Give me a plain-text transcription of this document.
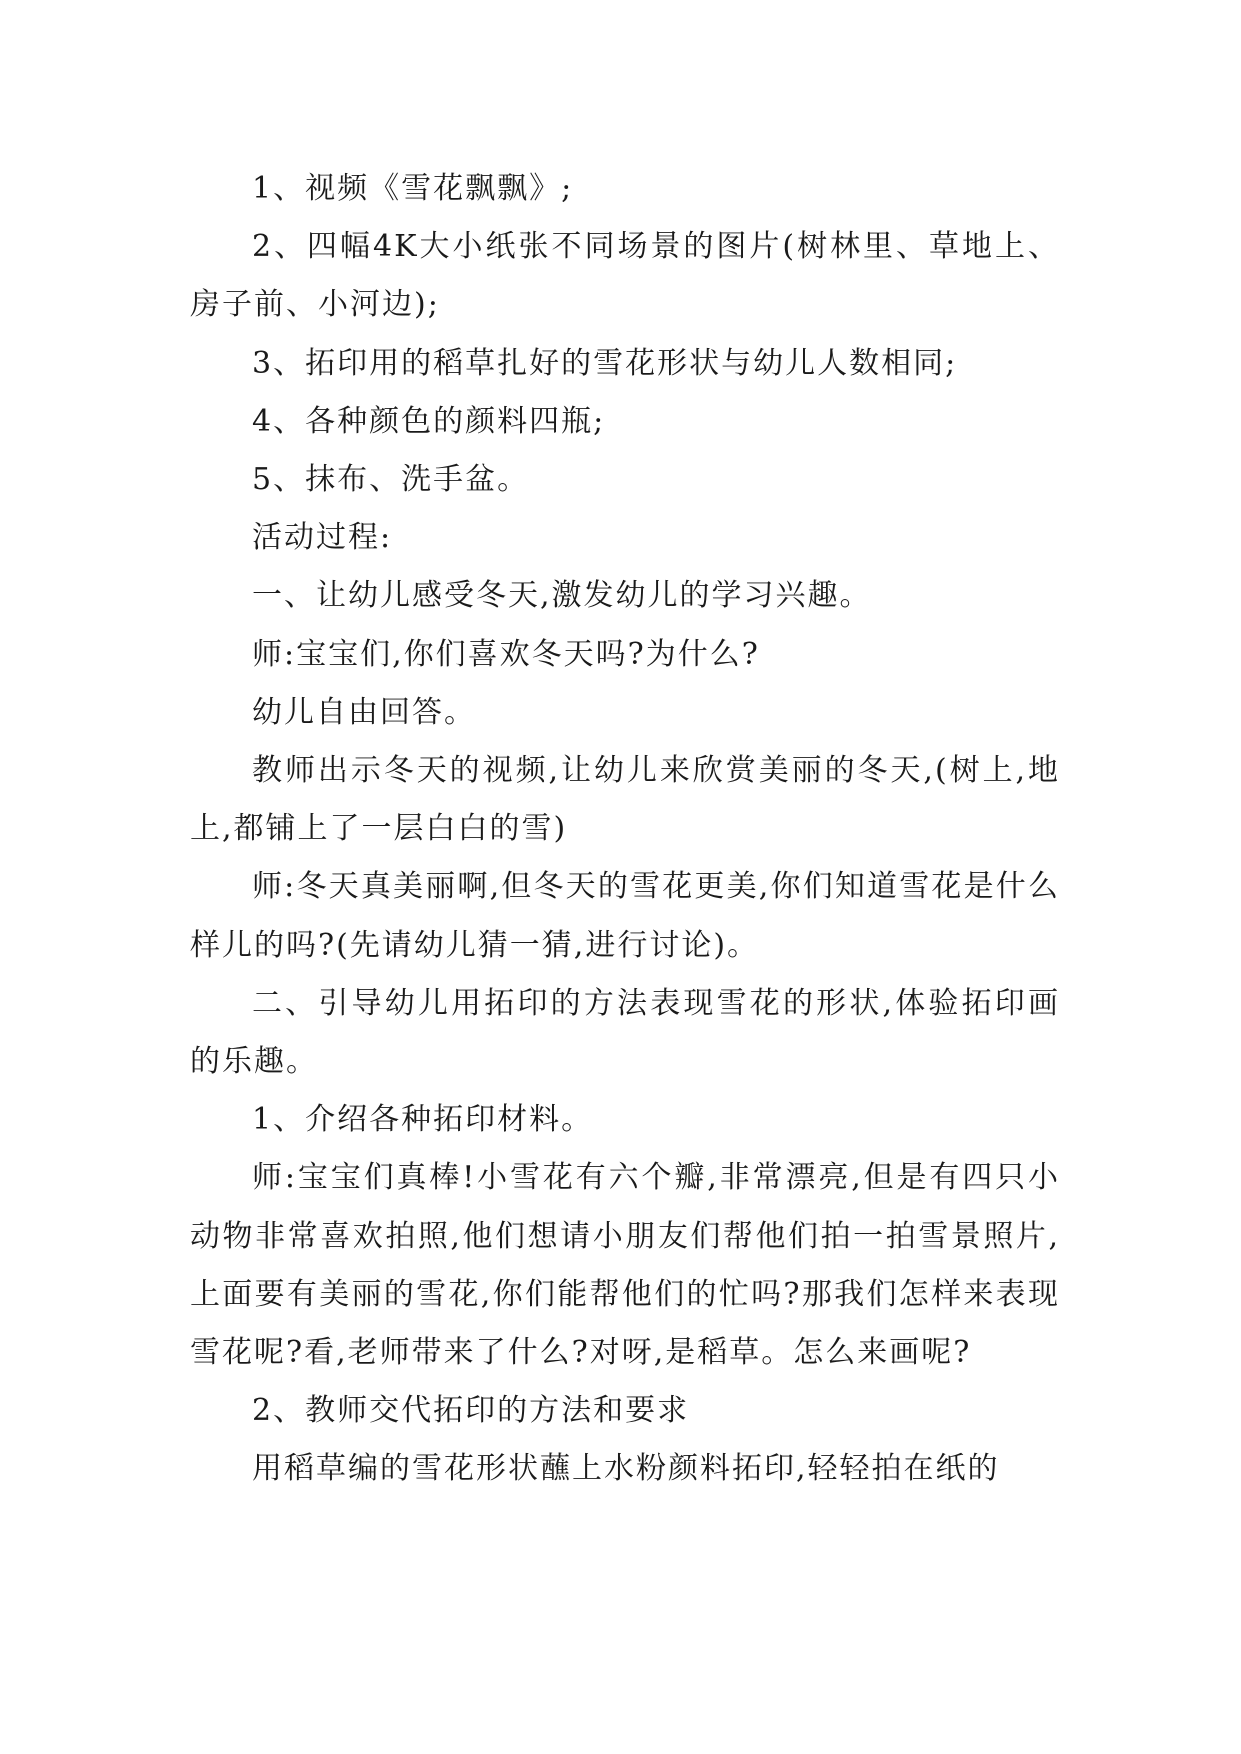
1、视频《雪花飘飘》;

2、四幅4K大小纸张不同场景的图片(树林里、草地上、房子前、小河边);

3、拓印用的稻草扎好的雪花形状与幼儿人数相同;

4、各种颜色的颜料四瓶;

5、抹布、洗手盆。

活动过程:

一、让幼儿感受冬天,激发幼儿的学习兴趣。

师:宝宝们,你们喜欢冬天吗?为什么?

幼儿自由回答。

教师出示冬天的视频,让幼儿来欣赏美丽的冬天,(树上,地上,都铺上了一层白白的雪)

师:冬天真美丽啊,但冬天的雪花更美,你们知道雪花是什么样儿的吗?(先请幼儿猜一猜,进行讨论)。

二、引导幼儿用拓印的方法表现雪花的形状,体验拓印画的乐趣。

1、介绍各种拓印材料。

师:宝宝们真棒!小雪花有六个瓣,非常漂亮,但是有四只小动物非常喜欢拍照,他们想请小朋友们帮他们拍一拍雪景照片,上面要有美丽的雪花,你们能帮他们的忙吗?那我们怎样来表现雪花呢?看,老师带来了什么?对呀,是稻草。怎么来画呢?

2、教师交代拓印的方法和要求

用稻草编的雪花形状蘸上水粉颜料拓印,轻轻拍在纸的
